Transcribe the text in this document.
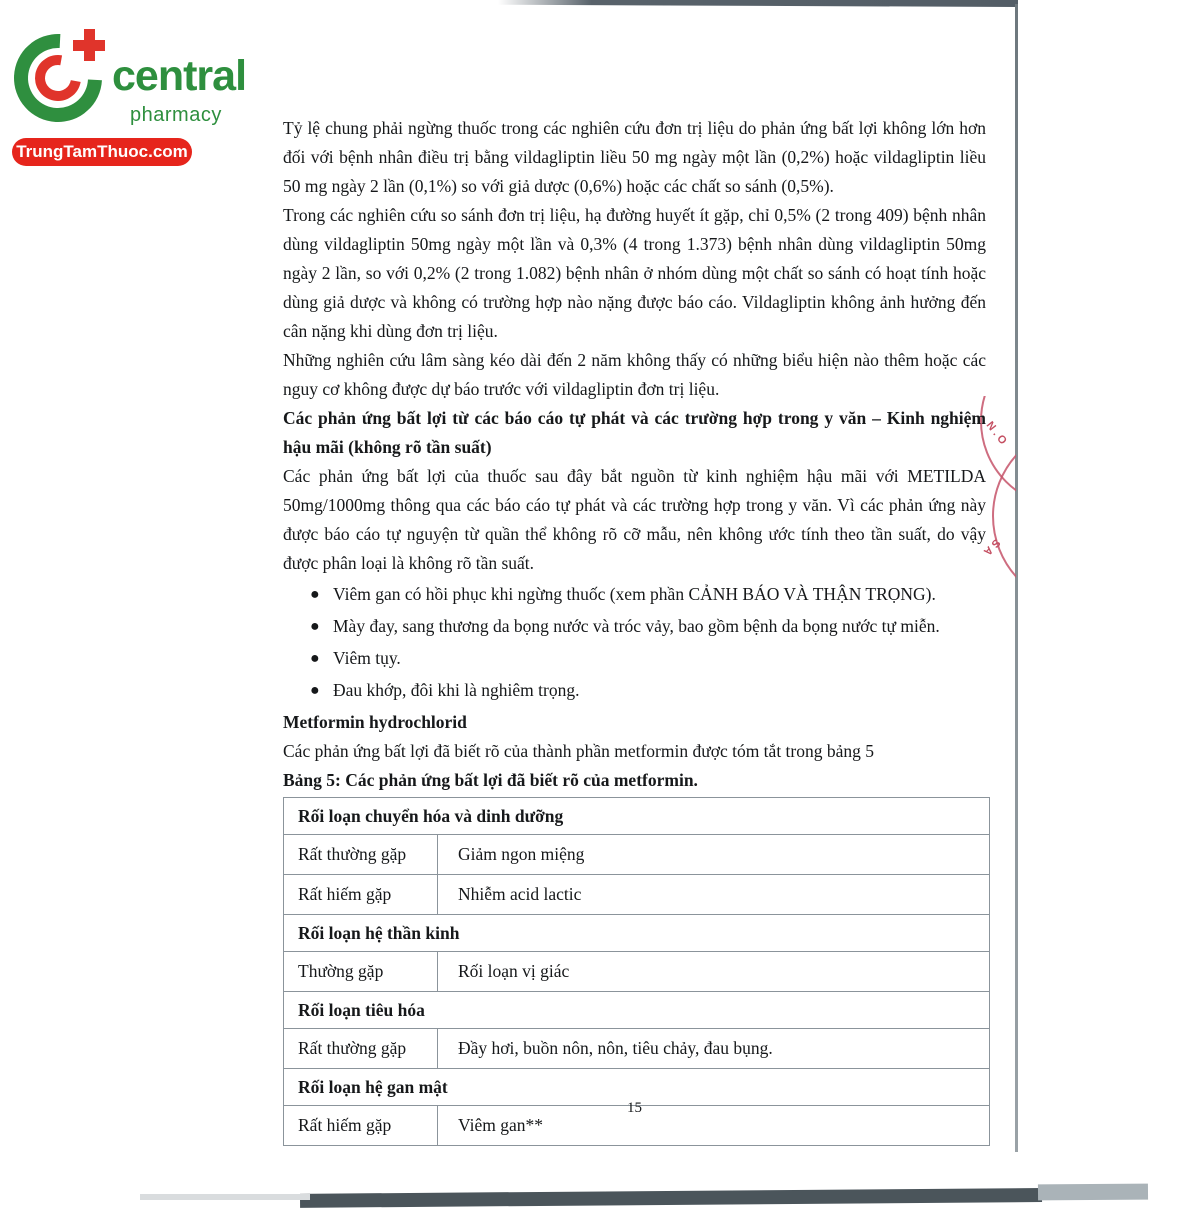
central
pharmacy
TrungTamThuoc.com
.N.O
SA

Tỷ lệ chung phải ngừng thuốc trong các nghiên cứu đơn trị liệu do phản ứng bất lợi không lớn hơn đối với bệnh nhân điều trị bằng vildagliptin liều 50 mg ngày một lần (0,2%) hoặc vildagliptin liều 50 mg ngày 2 lần (0,1%) so với giả dược (0,6%) hoặc các chất so sánh (0,5%).

Trong các nghiên cứu so sánh đơn trị liệu, hạ đường huyết ít gặp, chỉ 0,5% (2 trong 409) bệnh nhân dùng vildagliptin 50mg ngày một lần và 0,3% (4 trong 1.373) bệnh nhân dùng vildagliptin 50mg ngày 2 lần, so với 0,2% (2 trong 1.082) bệnh nhân ở nhóm dùng một chất so sánh có hoạt tính hoặc dùng giả dược và không có trường hợp nào nặng được báo cáo. Vildagliptin không ảnh hưởng đến cân nặng khi dùng đơn trị liệu.

Những nghiên cứu lâm sàng kéo dài đến 2 năm không thấy có những biểu hiện nào thêm hoặc các nguy cơ không được dự báo trước với vildagliptin đơn trị liệu.

Các phản ứng bất lợi từ các báo cáo tự phát và các trường hợp trong y văn – Kinh nghiệm hậu mãi (không rõ tần suất)

Các phản ứng bất lợi của thuốc sau đây bắt nguồn từ kinh nghiệm hậu mãi với METILDA 50mg/1000mg thông qua các báo cáo tự phát và các trường hợp trong y văn. Vì các phản ứng này được báo cáo tự nguyện từ quần thể không rõ cỡ mẫu, nên không ước tính theo tần suất, do vậy được phân loại là không rõ tần suất.

● Viêm gan có hồi phục khi ngừng thuốc (xem phần CẢNH BÁO VÀ THẬN TRỌNG).
● Mày đay, sang thương da bọng nước và tróc vảy, bao gồm bệnh da bọng nước tự miễn.
● Viêm tụy.
● Đau khớp, đôi khi là nghiêm trọng.

Metformin hydrochlorid

Các phản ứng bất lợi đã biết rõ của thành phần metformin được tóm tắt trong bảng 5

Bảng 5: Các phản ứng bất lợi đã biết rõ của metformin.

Rối loạn chuyển hóa và dinh dưỡng	
Rất thường gặp	Giảm ngon miệng
Rất hiếm gặp	Nhiễm acid lactic
Rối loạn hệ thần kinh	
Thường gặp	Rối loạn vị giác
Rối loạn tiêu hóa	
Rất thường gặp	Đầy hơi, buồn nôn, nôn, tiêu chảy, đau bụng.
Rối loạn hệ gan mật	
Rất hiếm gặp	Viêm gan**
15
